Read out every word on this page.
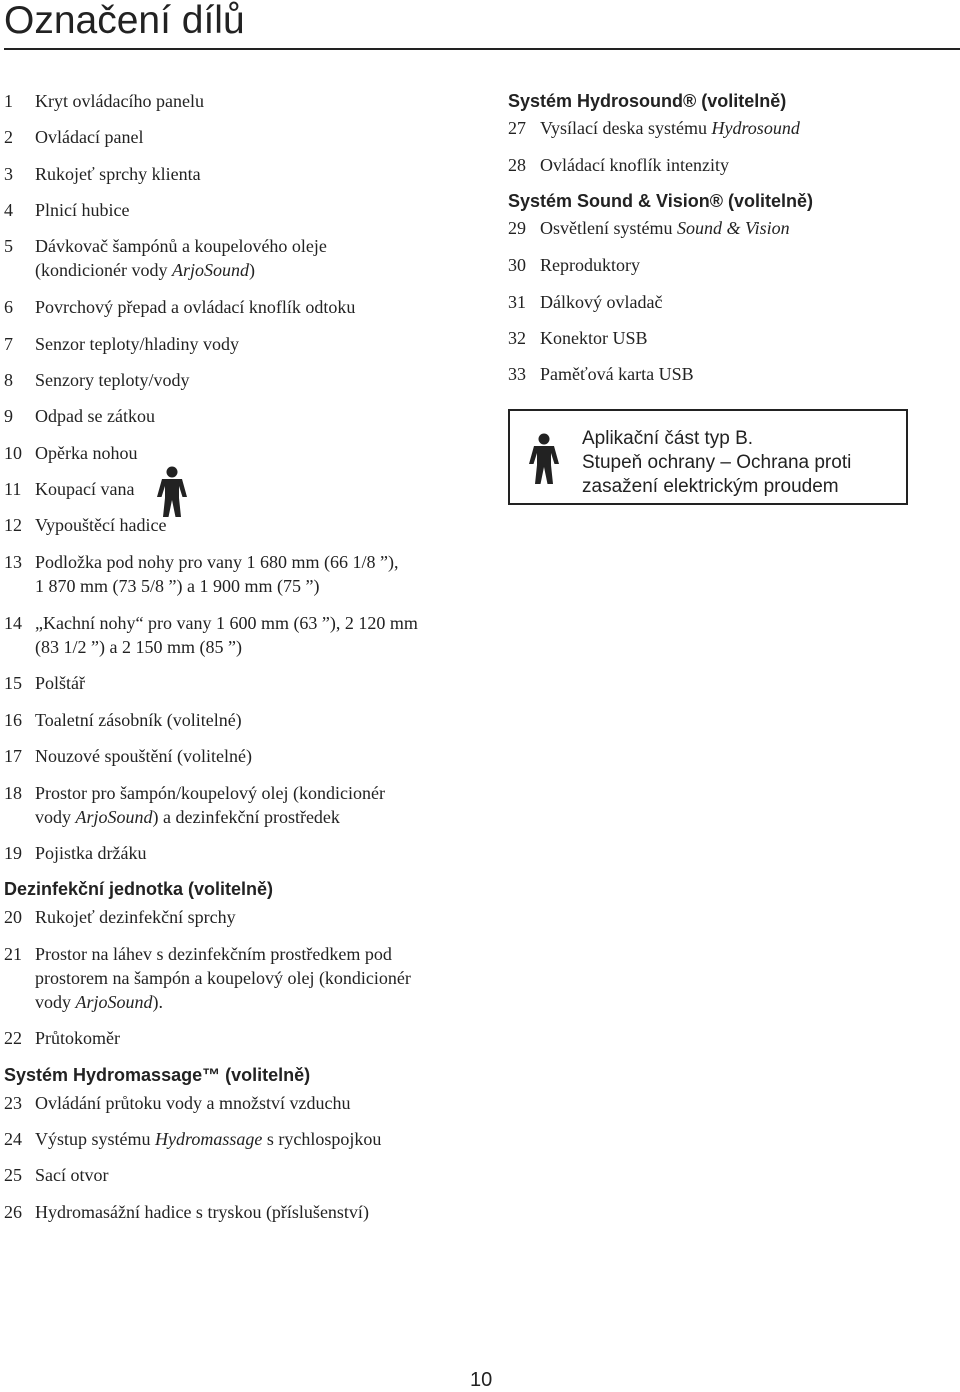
Označení dílů
1 Kryt ovládacího panelu
2 Ovládací panel
3 Rukojeť sprchy klienta
4 Plnicí hubice
5 Dávkovač šampónů a koupelového oleje
(kondicionér vody ArjoSound)
6 Povrchový přepad a ovládací knoflík odtoku
7 Senzor teploty/hladiny vody
8 Senzory teploty/vody
9 Odpad se zátkou
10 Opěrka nohou
11 Koupací vana
12 Vypouštěcí hadice
13 Podložka pod nohy pro vany 1 680 mm (66 1/8 ”),
1 870 mm (73 5/8 ”) a 1 900 mm (75 ”)
14 „Kachní nohy“ pro vany 1 600 mm (63 ”), 2 120 mm
(83 1/2 ”) a 2 150 mm (85 ”)
15 Polštář
16 Toaletní zásobník (volitelné)
17 Nouzové spouštění (volitelné)
18 Prostor pro šampón/koupelový olej (kondicionér
vody ArjoSound) a dezinfekční prostředek
19 Pojistka držáku
20 Rukojeť dezinfekční sprchy
21 Prostor na láhev s dezinfekčním prostředkem pod
prostorem na šampón a koupelový olej (kondicionér
vody ArjoSound).
22 Průtokoměr
23 Ovládání průtoku vody a množství vzduchu
24 Výstup systému Hydromassage s rychlospojkou
25 Sací otvor
26 Hydromasážní hadice s tryskou (příslušenství)
27 Vysílací deska systému Hydrosound
28 Ovládací knoflík intenzity
29 Osvětlení systému Sound & Vision
30 Reproduktory
31 Dálkový ovladač
32 Konektor USB
33 Paměťová karta USB
Dezinfekční jednotka (volitelně)
Systém Hydromassage™ (volitelně)
Systém Hydrosound® (volitelně)
Systém Sound & Vision® (volitelně)
Aplikační část typ B.
Stupeň ochrany – Ochrana proti
zasažení elektrickým proudem
10
